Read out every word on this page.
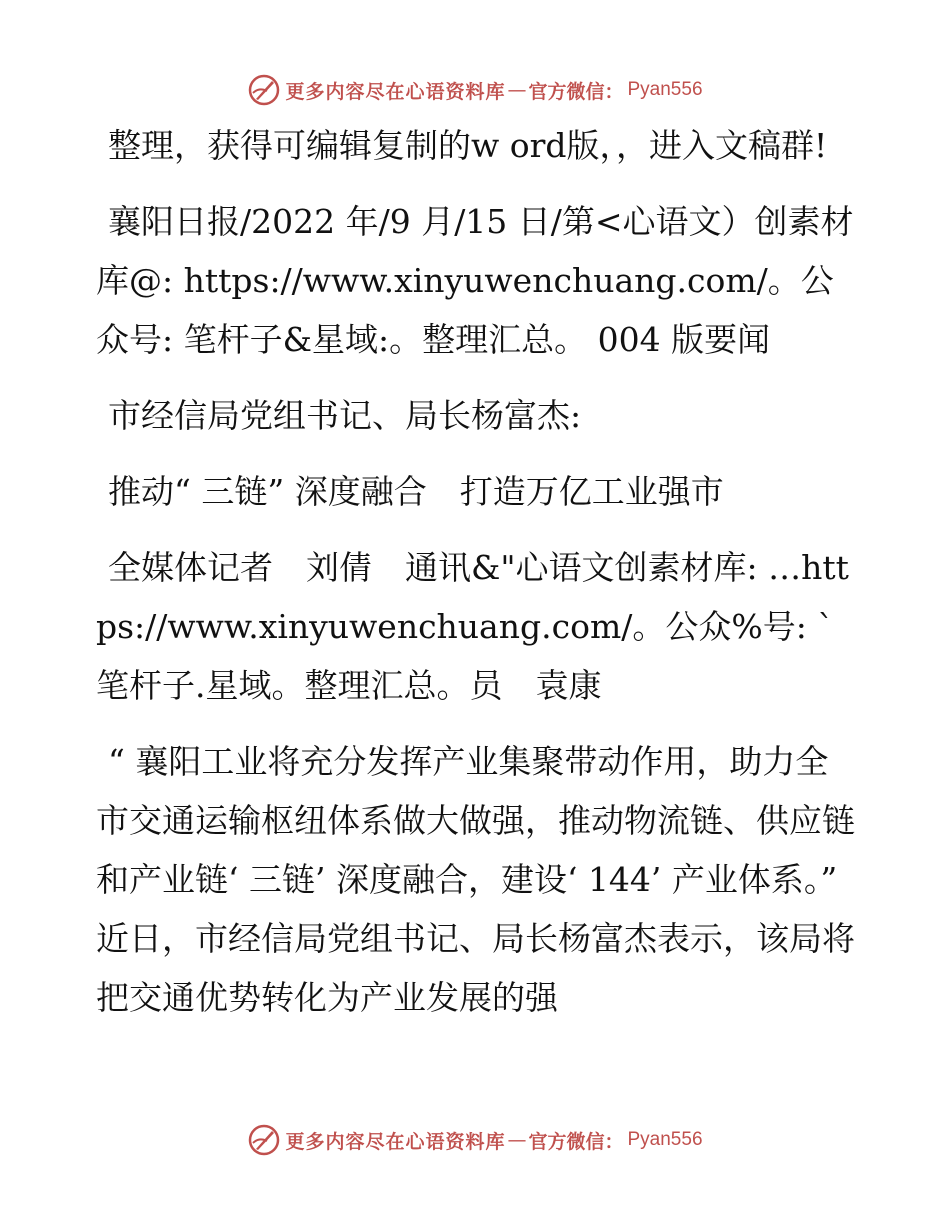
更多内容尽在心语资料库 — 官方微信： Pyan556

整理，获得可编辑复制的w ord版，，进入文稿群!

襄阳日报/2022 年/9 月/15 日/第<心语文）创素材库@: https://www.xinyuwenchuang.com/。公众号: 笔杆子&星域:。整理汇总。 004 版要闻

市经信局党组书记、局长杨富杰:

推动“ 三链” 深度融合　打造万亿工业强市

全媒体记者　刘倩　通讯&"心语文创素材库: …https://www.xinyuwenchuang.com/。公众%号: `笔杆子.星域。整理汇总。员　袁康

“ 襄阳工业将充分发挥产业集聚带动作用，助力全市交通运输枢纽体系做大做强，推动物流链、供应链和产业链‘ 三链’ 深度融合，建设‘ 144’ 产业体系。” 近日，市经信局党组书记、局长杨富杰表示，该局将把交通优势转化为产业发展的强

更多内容尽在心语资料库 — 官方微信： Pyan556
